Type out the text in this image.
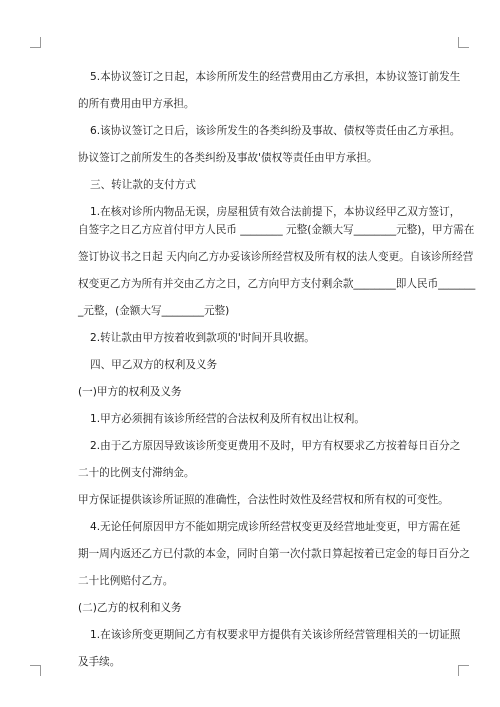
5.本协议签订之日起，本诊所所发生的经营费用由乙方承担，本协议签订前发生
的所有费用由甲方承担。
6.该协议签订之日后，该诊所发生的各类纠纷及事故、债权等责任由乙方承担。
协议签订之前所发生的各类纠纷及事故'债权等责任由甲方承担。
三、转让款的支付方式
1.在核对诊所内物品无误，房屋租赁有效合法前提下，本协议经甲乙双方签订，
自签字之日乙方应首付甲方人民币 ________ 元整(金额大写________元整)，甲方需在
签订协议书之日起 天内向乙方办妥该诊所经营权及所有权的法人变更。自该诊所经营
权变更乙方为所有并交由乙方之日，乙方向甲方支付剩余款________即人民币_______
_元整，(金额大写________元整)
2.转让款由甲方按着收到款项的'时间开具收据。
四、甲乙双方的权利及义务
(一)甲方的权利及义务
1.甲方必须拥有该诊所经营的合法权利及所有权出让权利。
2.由于乙方原因导致该诊所变更费用不及时，甲方有权要求乙方按着每日百分之
二十的比例支付滞纳金。
甲方保证提供该诊所证照的准确性，合法性时效性及经营权和所有权的可变性。
4.无论任何原因甲方不能如期完成诊所经营权变更及经营地址变更，甲方需在延
期一周内返还乙方已付款的本金，同时自第一次付款日算起按着已定金的每日百分之
二十比例赔付乙方。
(二)乙方的权利和义务
1.在该诊所变更期间乙方有权要求甲方提供有关该诊所经营管理相关的一切证照
及手续。
